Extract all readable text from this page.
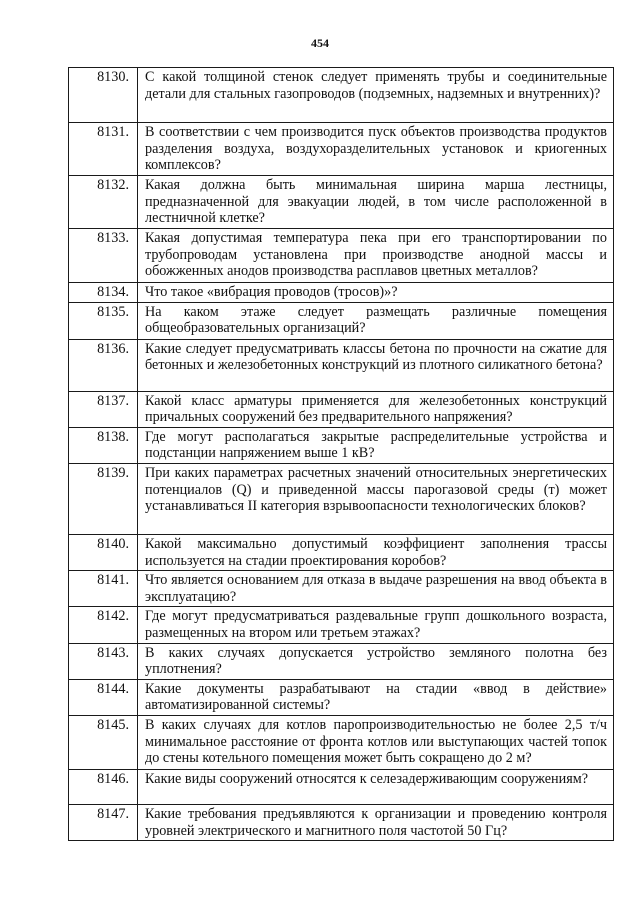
454
8130.	С какой толщиной стенок следует применять трубы и соединительные детали для стальных газопроводов (подземных, надземных и внутренних)?
8131.	В соответствии с чем производится пуск объектов производства продуктов разделения воздуха, воздухоразделительных установок и криогенных комплексов?
8132.	Какая должна быть минимальная ширина марша лестницы, предназначенной для эвакуации людей, в том числе расположенной в лестничной клетке?
8133.	Какая допустимая температура пека при его транспортировании по трубопроводам установлена при производстве анодной массы и обожженных анодов производства расплавов цветных металлов?
8134.	Что такое «вибрация проводов (тросов)»?
8135.	На каком этаже следует размещать различные помещения общеобразовательных организаций?
8136.	Какие следует предусматривать классы бетона по прочности на сжатие для бетонных и железобетонных конструкций из плотного силикатного бетона?
8137.	Какой класс арматуры применяется для железобетонных конструкций причальных сооружений без предварительного напряжения?
8138.	Где могут располагаться закрытые распределительные устройства и подстанции напряжением выше 1 кВ?
8139.	При каких параметрах расчетных значений относительных энергетических потенциалов (Q) и приведенной массы парогазовой среды (т) может устанавливаться II категория взрывоопасности технологических блоков?
8140.	Какой максимально допустимый коэффициент заполнения трассы используется на стадии проектирования коробов?
8141.	Что является основанием для отказа в выдаче разрешения на ввод объекта в эксплуатацию?
8142.	Где могут предусматриваться раздевальные групп дошкольного возраста, размещенных на втором или третьем этажах?
8143.	В каких случаях допускается устройство земляного полотна без уплотнения?
8144.	Какие документы разрабатывают на стадии «ввод в действие» автоматизированной системы?
8145.	В каких случаях для котлов паропроизводительностью не более 2,5 т/ч минимальное расстояние от фронта котлов или выступающих частей топок до стены котельного помещения может быть сокращено до 2 м?
8146.	Какие виды сооружений относятся к селезадерживающим сооружениям?
8147.	Какие требования предъявляются к организации и проведению контроля уровней электрического и магнитного поля частотой 50 Гц?
